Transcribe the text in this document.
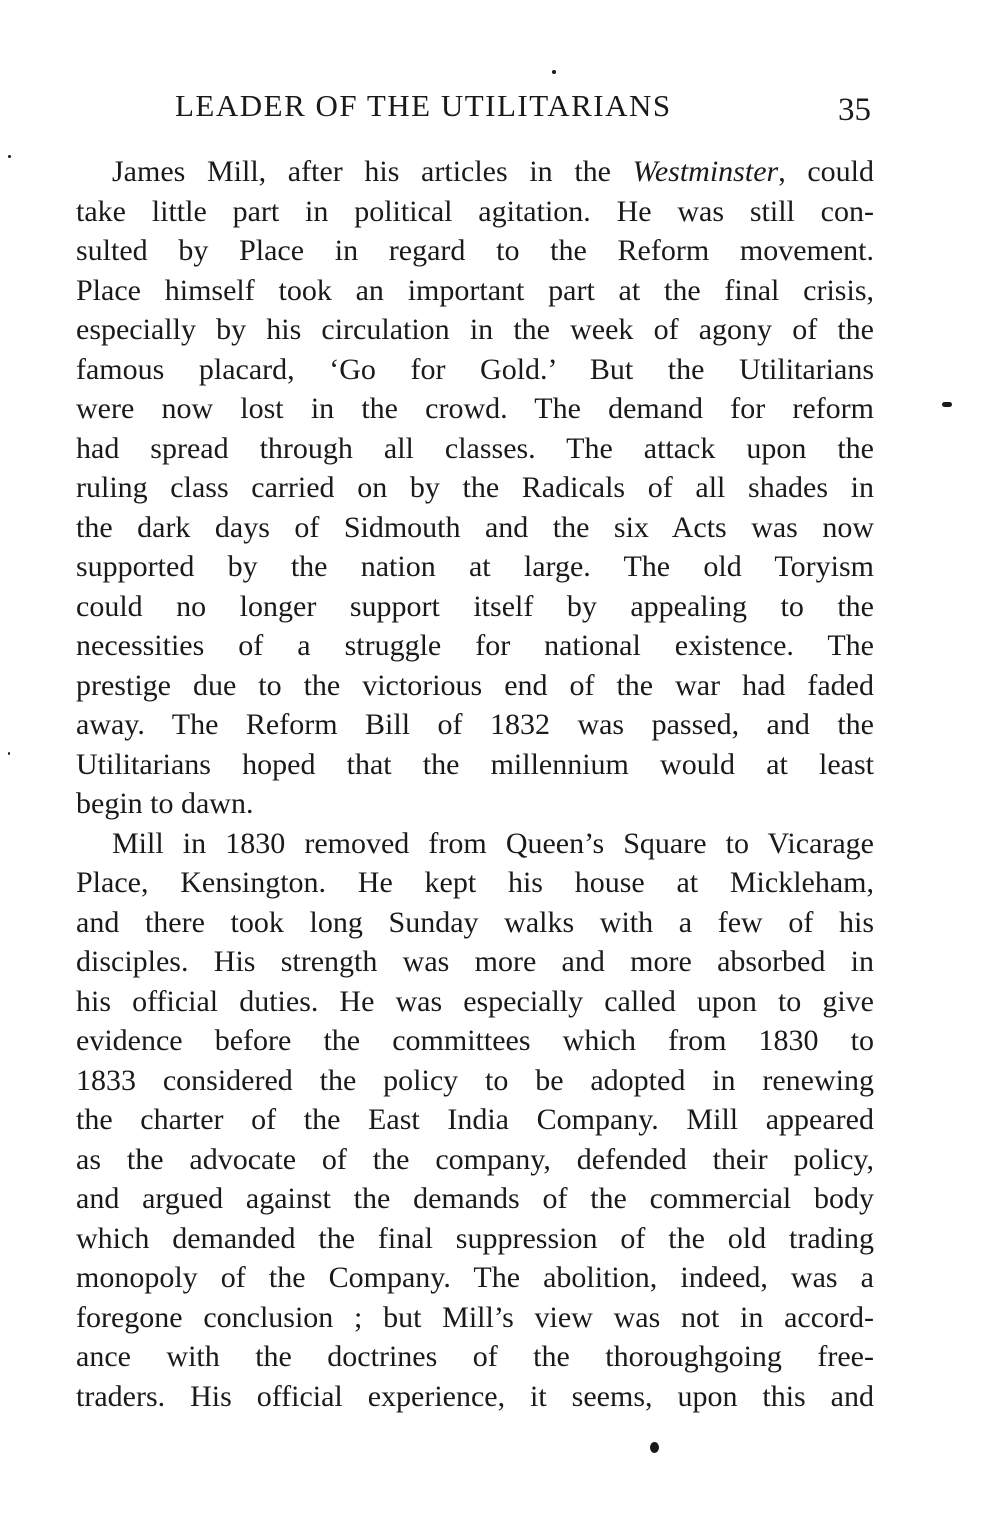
LEADER OF THE UTILITARIANS	35
James Mill, after his articles in the Westminster, could
take little part in political agitation. He was still con-
sulted by Place in regard to the Reform movement.
Place himself took an important part at the final crisis,
especially by his circulation in the week of agony of the
famous placard, ‘Go for Gold.’ But the Utilitarians
were now lost in the crowd. The demand for reform
had spread through all classes. The attack upon the
ruling class carried on by the Radicals of all shades in
the dark days of Sidmouth and the six Acts was now
supported by the nation at large. The old Toryism
could no longer support itself by appealing to the
necessities of a struggle for national existence. The
prestige due to the victorious end of the war had faded
away. The Reform Bill of 1832 was passed, and the
Utilitarians hoped that the millennium would at least
begin to dawn.
Mill in 1830 removed from Queen’s Square to Vicarage
Place, Kensington. He kept his house at Mickleham,
and there took long Sunday walks with a few of his
disciples. His strength was more and more absorbed in
his official duties. He was especially called upon to give
evidence before the committees which from 1830 to
1833 considered the policy to be adopted in renewing
the charter of the East India Company. Mill appeared
as the advocate of the company, defended their policy,
and argued against the demands of the commercial body
which demanded the final suppression of the old trading
monopoly of the Company. The abolition, indeed, was a
foregone conclusion ; but Mill’s view was not in accord-
ance with the doctrines of the thoroughgoing free-
traders. His official experience, it seems, upon this and
